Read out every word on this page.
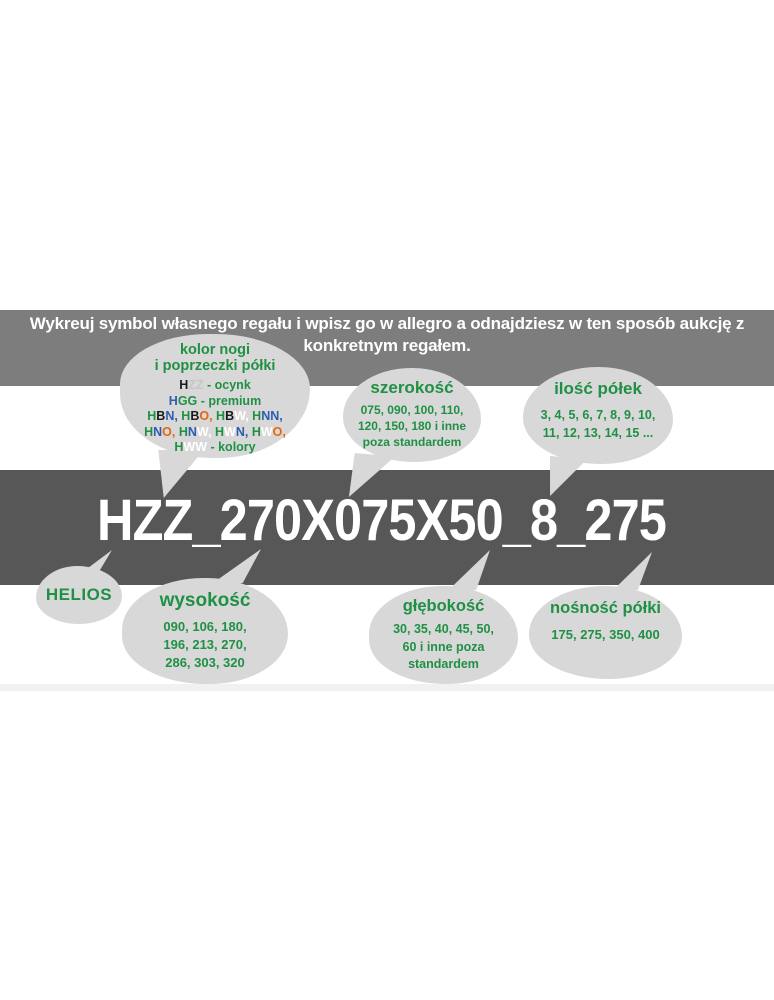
Wykreuj symbol własnego regału i wpisz go w allegro a odnajdziesz w ten sposób aukcję z
konkretnym regałem.
HZZ_270X075X50_8_275
kolor nogi
i poprzeczki półki
HZZ - ocynk
HGG - premium
HBN, HBO, HBW, HNN,
HNO, HNW, HWN, HWO,
HWW - kolory
szerokość
075, 090, 100, 110,
120, 150, 180 i inne
poza standardem
ilość półek
3, 4, 5, 6, 7, 8, 9, 10,
11, 12, 13, 14, 15 ...
HELIOS	wysokość
090, 106, 180,
196, 213, 270,
286, 303, 320
głębokość
30, 35, 40, 45, 50,
60 i inne poza
standardem
nośność półki
175, 275, 350, 400
